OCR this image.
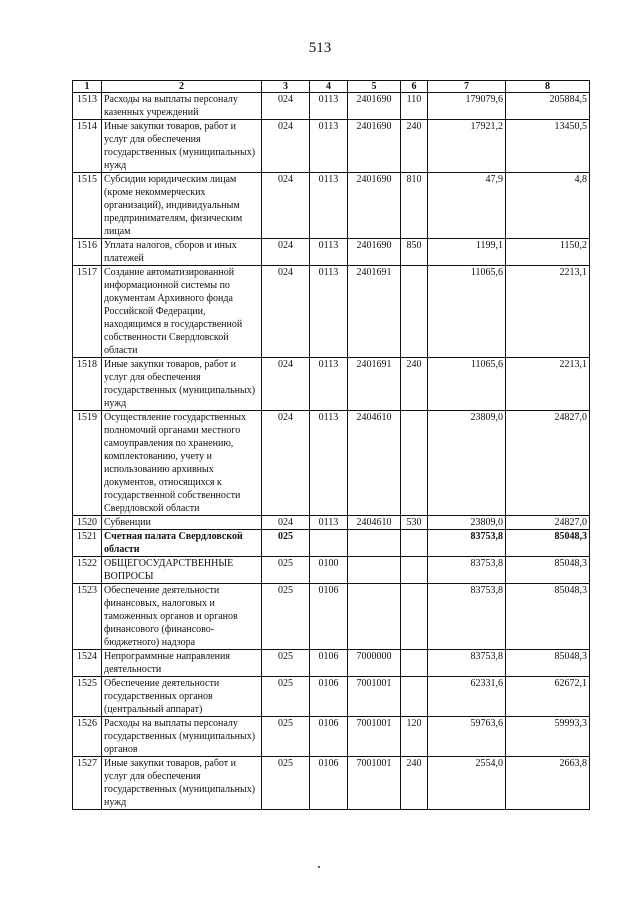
513
1	2	3	4	5	6	7	8
1513	Расходы на выплаты персоналу казенных учреждений	024	0113	2401690	110	179079,6	205884,5
1514	Иные закупки товаров, работ и услуг для обеспечения государственных (муниципальных) нужд	024	0113	2401690	240	17921,2	13450,5
1515	Субсидии юридическим лицам (кроме некоммерческих организаций), индивидуальным предпринимателям, физическим лицам	024	0113	2401690	810	47,9	4,8
1516	Уплата налогов, сборов и иных платежей	024	0113	2401690	850	1199,1	1150,2
1517	Создание автоматизированной информационной системы по документам Архивного фонда Российской Федерации, находящимся в государственной собственности Свердловской области	024	0113	2401691		11065,6	2213,1
1518	Иные закупки товаров, работ и услуг для обеспечения государственных (муниципальных) нужд	024	0113	2401691	240	11065,6	2213,1
1519	Осуществление государственных полномочий органами местного самоуправления по хранению, комплектованию, учету и использованию архивных документов, относящихся к государственной собственности Свердловской области	024	0113	2404610		23809,0	24827,0
1520	Субвенции	024	0113	2404610	530	23809,0	24827,0
1521	Счетная палата Свердловской области	025				83753,8	85048,3
1522	ОБЩЕГОСУДАРСТВЕННЫЕ ВОПРОСЫ	025	0100			83753,8	85048,3
1523	Обеспечение деятельности финансовых, налоговых и таможенных органов и органов финансового (финансово-бюджетного) надзора	025	0106			83753,8	85048,3
1524	Непрограммные направления деятельности	025	0106	7000000		83753,8	85048,3
1525	Обеспечение деятельности государственных органов (центральный аппарат)	025	0106	7001001		62331,6	62672,1
1526	Расходы на выплаты персоналу государственных (муниципальных) органов	025	0106	7001001	120	59763,6	59993,3
1527	Иные закупки товаров, работ и услуг для обеспечения государственных (муниципальных) нужд	025	0106	7001001	240	2554,0	2663,8
